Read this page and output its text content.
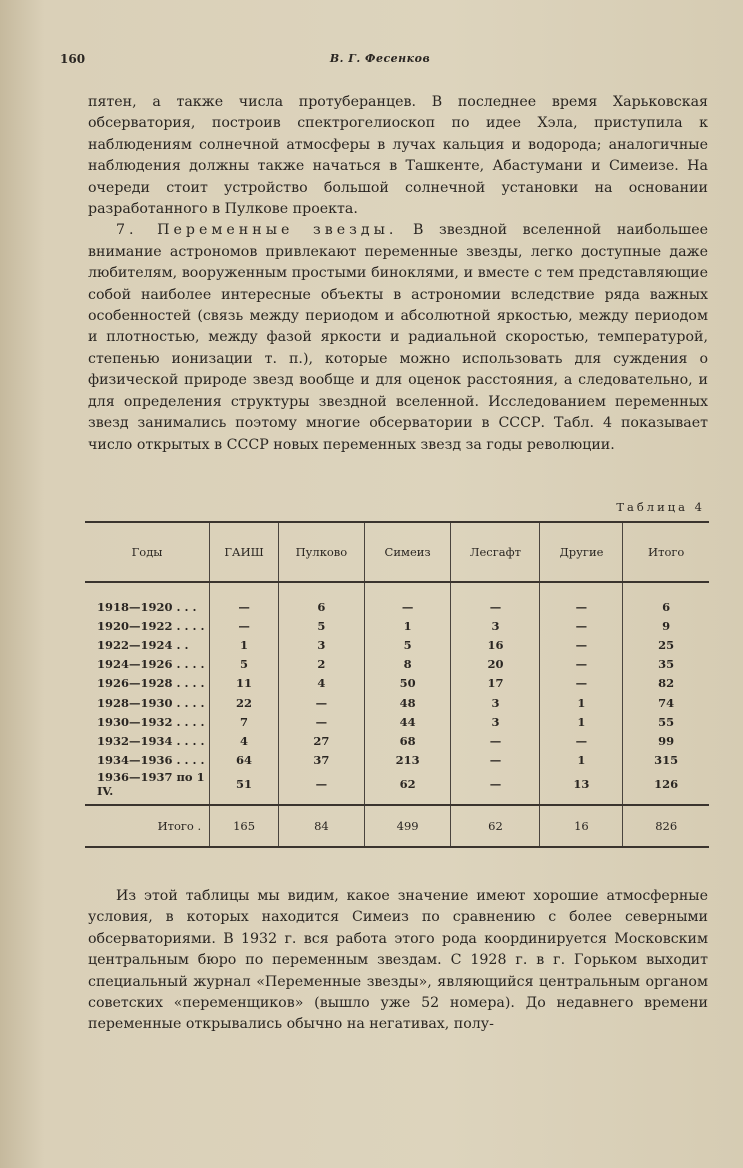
160	В. Г. Фесенков

пятен, а также числа протуберанцев. В последнее время Харьковская обсерватория, построив спектрогелиоскоп по идее Хэла, приступила к наблюдениям солнечной атмосферы в лучах кальция и водорода; аналогичные наблюдения должны также начаться в Ташкенте, Абастумани и Симеизе. На очереди стоит устройство большой солнечной установки на основании разработанного в Пулкове проекта.

7. Переменные звезды. В звездной вселенной наибольшее внимание астрономов привлекают переменные звезды, легко доступные даже любителям, вооруженным простыми биноклями, и вместе с тем представляющие собой наиболее интересные объекты в астрономии вследствие ряда важных особенностей (связь между периодом и абсолютной яркостью, между периодом и плотностью, между фазой яркости и радиальной скоростью, температурой, степенью ионизации т. п.), которые можно использовать для суждения о физической природе звезд вообще и для оценок расстояния, а следовательно, и для определения структуры звездной вселенной. Исследованием переменных звезд занимались поэтому многие обсерватории в СССР. Табл. 4 показывает число открытых в СССР новых переменных звезд за годы революции.

Таблица 4
Годы	ГАИШ	Пулково	Симеиз	Лесгафт	Другие	Итого
1918—1920 . . .	—	6	—	—	—	6
1920—1922 . . . .	—	5	1	3	—	9
1922—1924 . .	1	3	5	16	—	25
1924—1926 . . . .	5	2	8	20	—	35
1926—1928 . . . .	11	4	50	17	—	82
1928—1930 . . . .	22	—	48	3	1	74
1930—1932 . . . .	7	—	44	3	1	55
1932—1934 . . . .	4	27	68	—	—	99
1934—1936 . . . .	64	37	213	—	1	315
1936—1937 по 1 IV.	51	—	62	—	13	126
Итого .	165	84	499	62	16	826

Из этой таблицы мы видим, какое значение имеют хорошие атмосферные условия, в которых находится Симеиз по сравнению с более северными обсерваториями. В 1932 г. вся работа этого рода координируется Московским центральным бюро по переменным звездам. С 1928 г. в г. Горьком выходит специальный журнал «Переменные звезды», являющийся центральным органом советских «переменщиков» (вышло уже 52 номера). До недавнего времени переменные открывались обычно на негативах, полу-
